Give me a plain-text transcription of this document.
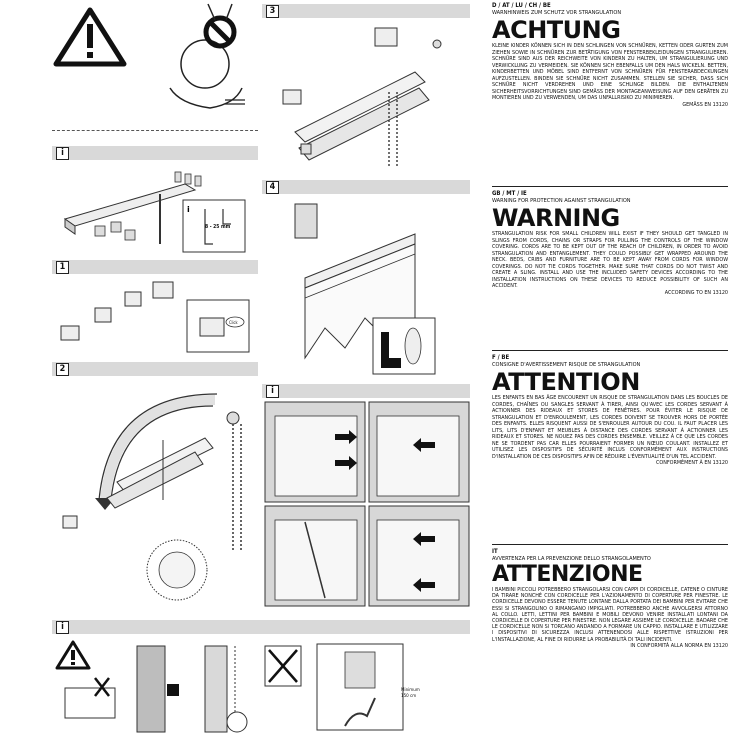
i
i
8 - 25 mm
1
Click
2
i
Minimum
150 cm
3
4
i
D / AT / LU / CH / BE
WARNHINWEIS ZUM SCHUTZ VOR STRANGULATION
ACHTUNG
KLEINE KINDER KÖNNEN SICH IN DEN SCHLINGEN VON SCHNÜREN, KETTEN ODER GURTEN ZUM ZIEHEN SOWIE IN SCHNÜREN ZUR BETÄTIGUNG VON FENSTERBEKLEIDUNGEN STRANGULIEREN. SCHNÜRE SIND AUS DER REICHWEITE VON KINDERN ZU HALTEN, UM STRANGULIERUNG UND VERWICKLUNG ZU VERMEIDEN. SIE KÖNNEN SICH EBENFALLS UM DEN HALS WICKELN. BETTEN, KINDERBETTEN UND MÖBEL SIND ENTFERNT VON SCHNÜREN FÜR FENSTERABDECKUNGEN AUFZUSTELLEN. BINDEN SIE SCHNÜRE NICHT ZUSAMMEN. STELLEN SIE SICHER, DASS SICH SCHNÜRE NICHT VERDREHEN UND EINE SCHLINGE BILDEN. DIE ENTHALTENEN SICHERHEITSVORRICHTUNGEN SIND GEMÄSS DER MONTAGEANWEISUNG AUF DEN GERÄTEN ZU MONTIEREN UND ZU VERWENDEN, UM DAS UNFALLRISIKO ZU MINIMIEREN.
GEMÄSS EN 13120
GB / MT / IE
WARNING FOR PROTECTION AGAINST STRANGULATION
WARNING
STRANGULATION RISK FOR SMALL CHILDREN WILL EXIST IF THEY SHOULD GET TANGLED IN SLINGS FROM CORDS, CHAINS OR STRAPS FOR PULLING THE CONTROLS OF THE WINDOW COVERING. CORDS ARE TO BE KEPT OUT OF THE REACH OF CHILDREN, IN ORDER TO AVOID STRANGULATION AND ENTANGLEMENT. THEY COULD POSSIBLY GET WRAPPED AROUND THE NECK. BEDS, CRIBS AND FURNITURE ARE TO BE KEPT AWAY FROM CORDS FOR WINDOW COVERINGS. DO NOT TIE CORDS TOGETHER. MAKE SURE THAT CORDS DO NOT TWIST AND CREATE A SLING. INSTALL AND USE THE INCLUDED SAFETY DEVICES ACCORDING TO THE INSTALLATION INSTRUCTIONS ON THESE DEVICES TO REDUCE POSSIBILITY OF SUCH AN ACCIDENT.
ACCORDING TO EN 13120
F / BE
CONSIGNE D'AVERTISSEMENT RISQUE DE STRANGULATION
ATTENTION
LES ENFANTS EN BAS ÂGE ENCOURENT UN RISQUE DE STRANGULATION DANS LES BOUCLES DE CORDES, CHAÎNES OU SANGLES SERVANT À TIRER, AINSI QU'AVEC LES CORDES SERVANT À ACTIONNER DES RIDEAUX ET STORES DE FENÊTRES. POUR ÉVITER LE RISQUE DE STRANGULATION ET D'ENROULEMENT, LES CORDES DOIVENT SE TROUVER HORS DE PORTÉE DES ENFANTS. ELLES RISQUENT AUSSI DE S'ENROULER AUTOUR DU COU. IL FAUT PLACER LES LITS, LITS D'ENFANT ET MEUBLES À DISTANCE DES CORDES SERVANT À ACTIONNER LES RIDEAUX ET STORES. NE NOUEZ PAS DES CORDES ENSEMBLE. VEILLEZ À CE QUE LES CORDES NE SE TORDENT PAS CAR ELLES POURRAIENT FORMER UN NŒUD COULANT. INSTALLEZ ET UTILISEZ LES DISPOSITIFS DE SÉCURITÉ INCLUS CONFORMÉMENT AUX INSTRUCTIONS D'INSTALLATION DE CES DISPOSITIFS AFIN DE RÉDUIRE L'ÉVENTUALITÉ D'UN TEL ACCIDENT.
CONFORMÉMENT À EN 13120
IT
AVVERTENZA PER LA PREVENZIONE DELLO STRANGOLAMENTO
ATTENZIONE
I BAMBINI PICCOLI POTREBBERO STRANGOLARSI CON CAPPI DI CORDICELLE, CATENE O CINTURE DA TIRARE NONCHÉ CON CORDICELLE PER L'AZIONAMENTO DI COPERTURE PER FINESTRE. LE CORDICELLE DEVONO ESSERE TENUTE LONTANE DALLA PORTATA DEI BAMBINI PER EVITARE CHE ESSI SI STRANGOLINO O RIMANGANO IMPIGLIATI. POTREBBERO ANCHE AVVOLGERSI ATTORNO AL COLLO. LETTI, LETTINI PER BAMBINI E MOBILI DEVONO VENIRE INSTALLATI LONTANI DA CORDICELLE DI COPERTURE PER FINESTRE. NON LEGARE ASSIEME LE CORDICELLE. BADARE CHE LE CORDICELLE NON SI TORCANO ANDANDO A FORMARE UN CAPPIO. INSTALLARE E UTILIZZARE I DISPOSITIVI DI SICUREZZA INCLUSI ATTENENDOSI ALLE RISPETTIVE ISTRUZIONI PER L'INSTALLAZIONE, AL FINE DI RIDURRE LA PROBABILITÀ DI TALI INCIDENTI.
IN CONFORMITÀ ALLA NORMA EN 13120
